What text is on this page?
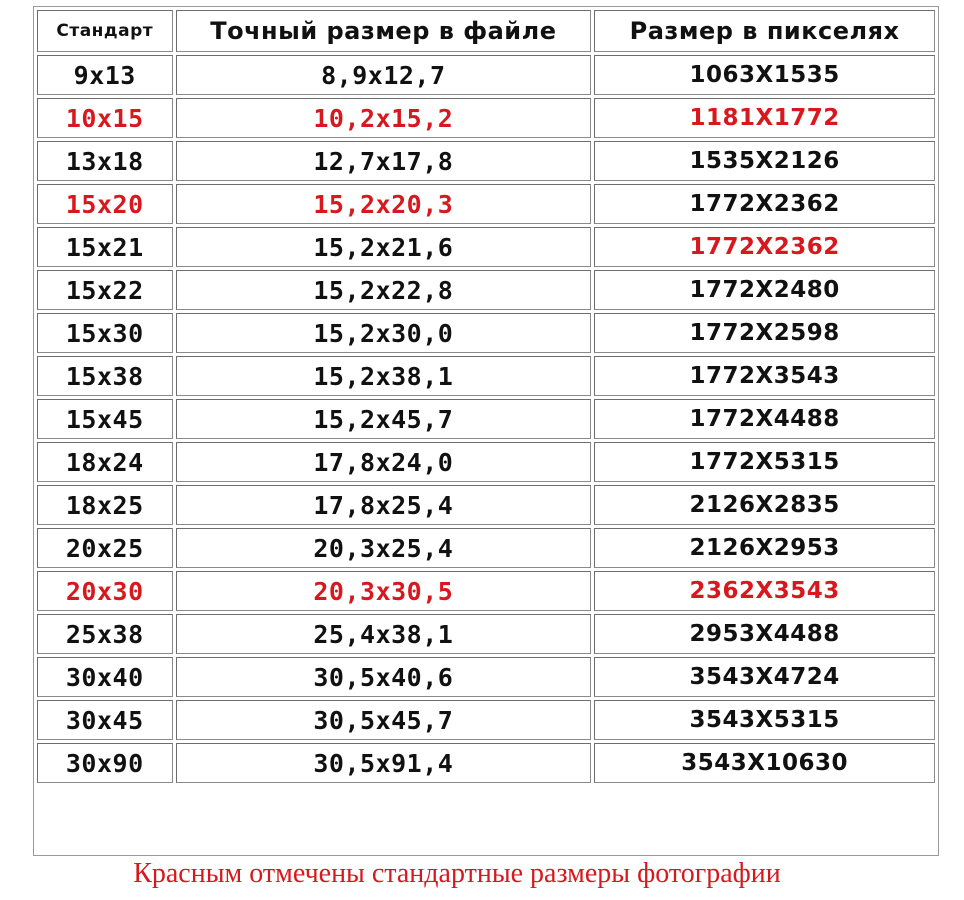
Стандарт	Точный размер в файле	Размер в пикселях
9x13	8,9x12,7	1063X1535
10x15	10,2x15,2	1181X1772
13x18	12,7x17,8	1535X2126
15x20	15,2x20,3	1772X2362
15x21	15,2x21,6	1772X2362
15x22	15,2x22,8	1772X2480
15x30	15,2x30,0	1772X2598
15x38	15,2x38,1	1772X3543
15x45	15,2x45,7	1772X4488
18x24	17,8x24,0	1772X5315
18x25	17,8x25,4	2126X2835
20x25	20,3x25,4	2126X2953
20x30	20,3x30,5	2362X3543
25x38	25,4x38,1	2953X4488
30x40	30,5x40,6	3543X4724
30x45	30,5x45,7	3543X5315
30x90	30,5x91,4	3543X10630
Красным отмечены стандартные размеры фотографии
